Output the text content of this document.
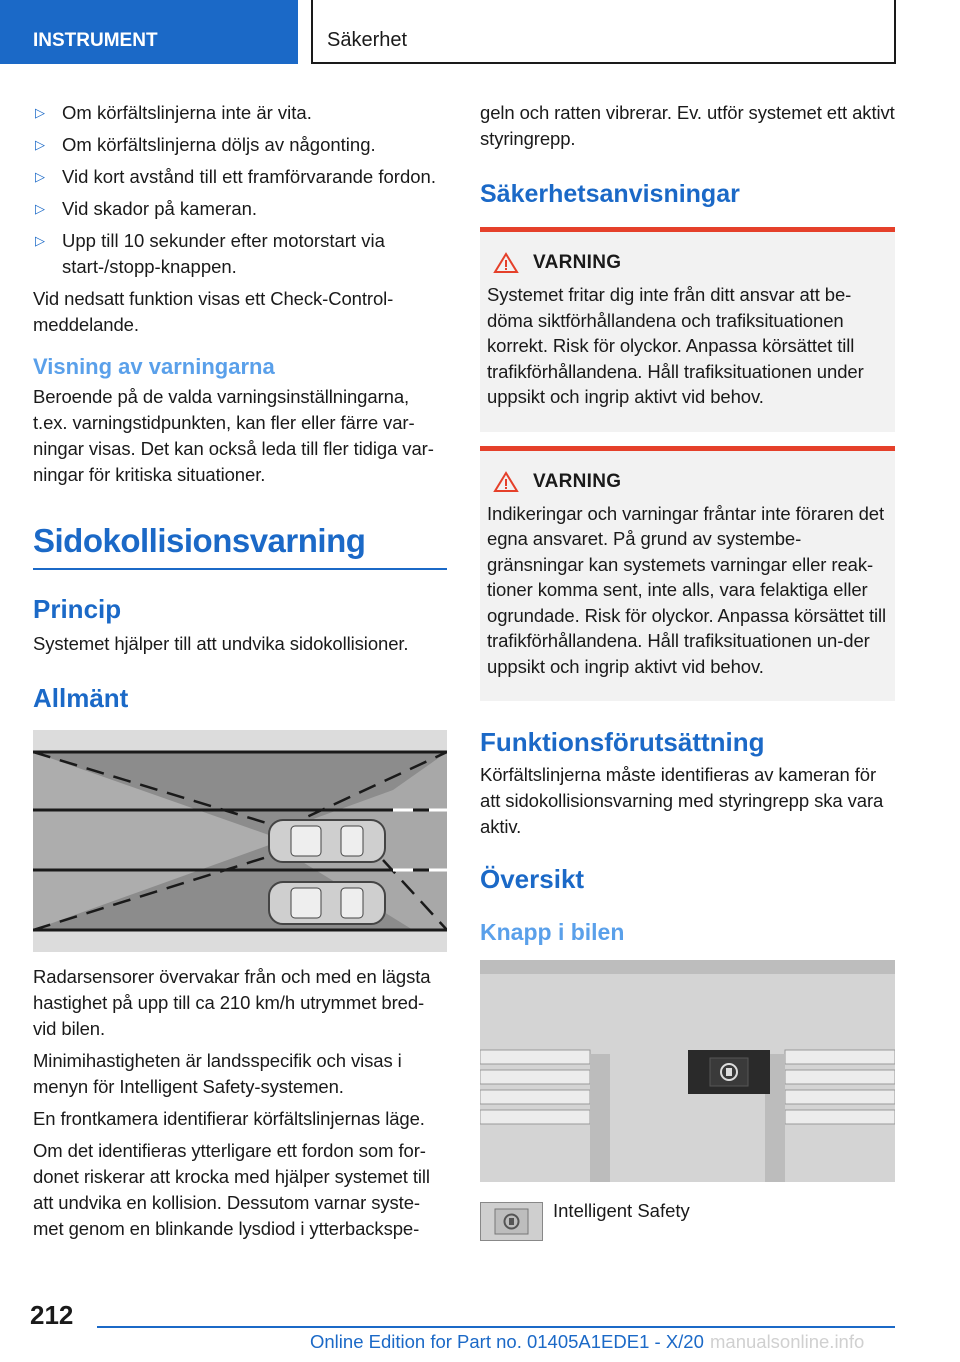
INSTRUMENT	Säkerhet
▷ Om körfältslinjerna inte är vita.
▷ Om körfältslinjerna döljs av någonting.
▷ Vid kort avstånd till ett framförvarande fordon.
▷ Vid skador på kameran.
▷ Upp till 10 sekunder efter motorstart via start-/stopp-knappen.

Vid nedsatt funktion visas ett Check-Control-meddelande.

Visning av varningarna

Beroende på de valda varningsinställningarna, t.ex. varningstidpunkten, kan fler eller färre var-ningar visas. Det kan också leda till fler tidiga var-ningar för kritiska situationer.

Sidokollisionsvarning
Princip

Systemet hjälper till att undvika sidokollisioner.

Allmänt

Radarsensorer övervakar från och med en lägsta hastighet på upp till ca 210 km/h utrymmet bred-vid bilen.

Minimihastigheten är landsspecifik och visas i menyn för Intelligent Safety-systemen.

En frontkamera identifierar körfältslinjernas läge.

Om det identifieras ytterligare ett fordon som for-donet riskerar att krocka med hjälper systemet till att undvika en kollision. Dessutom varnar syste-met genom en blinkande lysdiod i ytterbackspe-

geln och ratten vibrerar. Ev. utför systemet ett aktivt styringrepp.

Säkerhetsanvisningar
VARNING

Systemet fritar dig inte från ditt ansvar att be-döma siktförhållandena och trafiksituationen korrekt. Risk för olyckor. Anpassa körsättet till trafikförhållandena. Håll trafiksituationen under uppsikt och ingrip aktivt vid behov.

VARNING

Indikeringar och varningar fråntar inte föraren det egna ansvaret. På grund av systembe-gränsningar kan systemets varningar eller reak-tioner komma sent, inte alls, vara felaktiga eller ogrundade. Risk för olyckor. Anpassa körsättet till trafikförhållandena. Håll trafiksituationen un-der uppsikt och ingrip aktivt vid behov.

Funktionsförutsättning

Körfältslinjerna måste identifieras av kameran för att sidokollisionsvarning med styringrepp ska vara aktiv.

Översikt
Knapp i bilen
Intelligent Safety
212
Online Edition for Part no. 01405A1EDE1 - X/20 manualsonline.info
